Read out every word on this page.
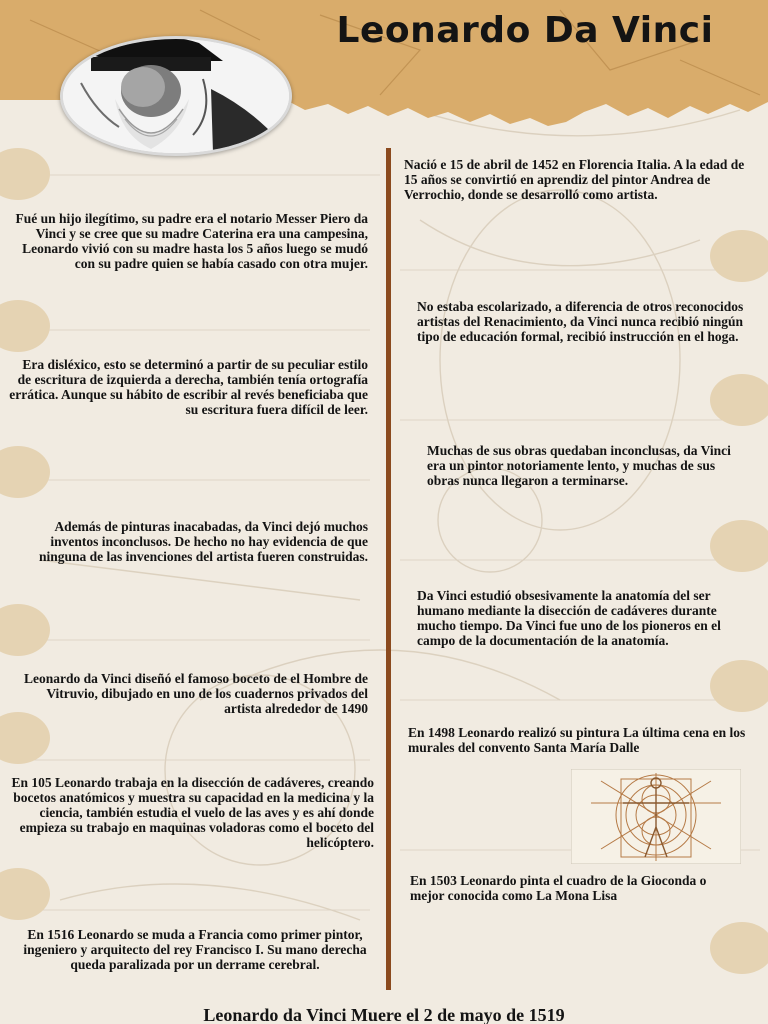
Leonardo Da Vinci

Nació e 15 de abril de 1452 en Florencia Italia. A la edad de 15 años se convirtió en aprendiz del pintor Andrea de Verrochio, donde se desarrolló como artista.

Fué un hijo ilegítimo, su padre era el notario Messer Piero da Vinci y se cree que su madre Caterina era una campesina, Leonardo vivió con su madre hasta los 5 años luego se mudó con su padre quien se había casado con otra mujer.

No estaba escolarizado, a diferencia de otros reconocidos artistas del Renacimiento, da Vinci nunca recibió ningún tipo de educación formal, recibió instrucción en el hoga.

Era disléxico, esto se determinó a partir de su peculiar estilo de escritura de izquierda a derecha, también tenía ortografía errática. Aunque su hábito de escribir al revés beneficiaba que su escritura fuera difícil de leer.

Muchas de sus obras quedaban inconclusas, da Vinci era un pintor notoriamente lento, y muchas de sus obras nunca llegaron a terminarse.

Además de pinturas inacabadas, da Vinci dejó muchos inventos inconclusos. De hecho no hay evidencia de que ninguna de las invenciones del artista fueren construidas.

Da Vinci estudió obsesivamente la anatomía del ser humano mediante la disección de cadáveres durante mucho tiempo. Da Vinci fue uno de los pioneros en el campo de la documentación de la anatomía.

Leonardo da Vinci diseñó el famoso boceto de el Hombre de Vitruvio, dibujado en uno de los cuadernos privados del artista alrededor de 1490

En 1498 Leonardo realizó su pintura La última cena en los murales del convento Santa María Dalle

En 105 Leonardo trabaja en la disección de cadáveres, creando bocetos anatómicos y muestra su capacidad en la medicina y la ciencia, también estudia el vuelo de las aves y es ahí donde empieza su trabajo en maquinas voladoras como el boceto del helicóptero.

En 1503 Leonardo pinta el cuadro de la Gioconda o mejor conocida como La Mona Lisa

En 1516 Leonardo se muda a Francia como primer pintor, ingeniero y arquitecto del rey Francisco I. Su mano derecha queda paralizada por un derrame cerebral.

Leonardo da Vinci Muere el 2 de mayo de 1519
